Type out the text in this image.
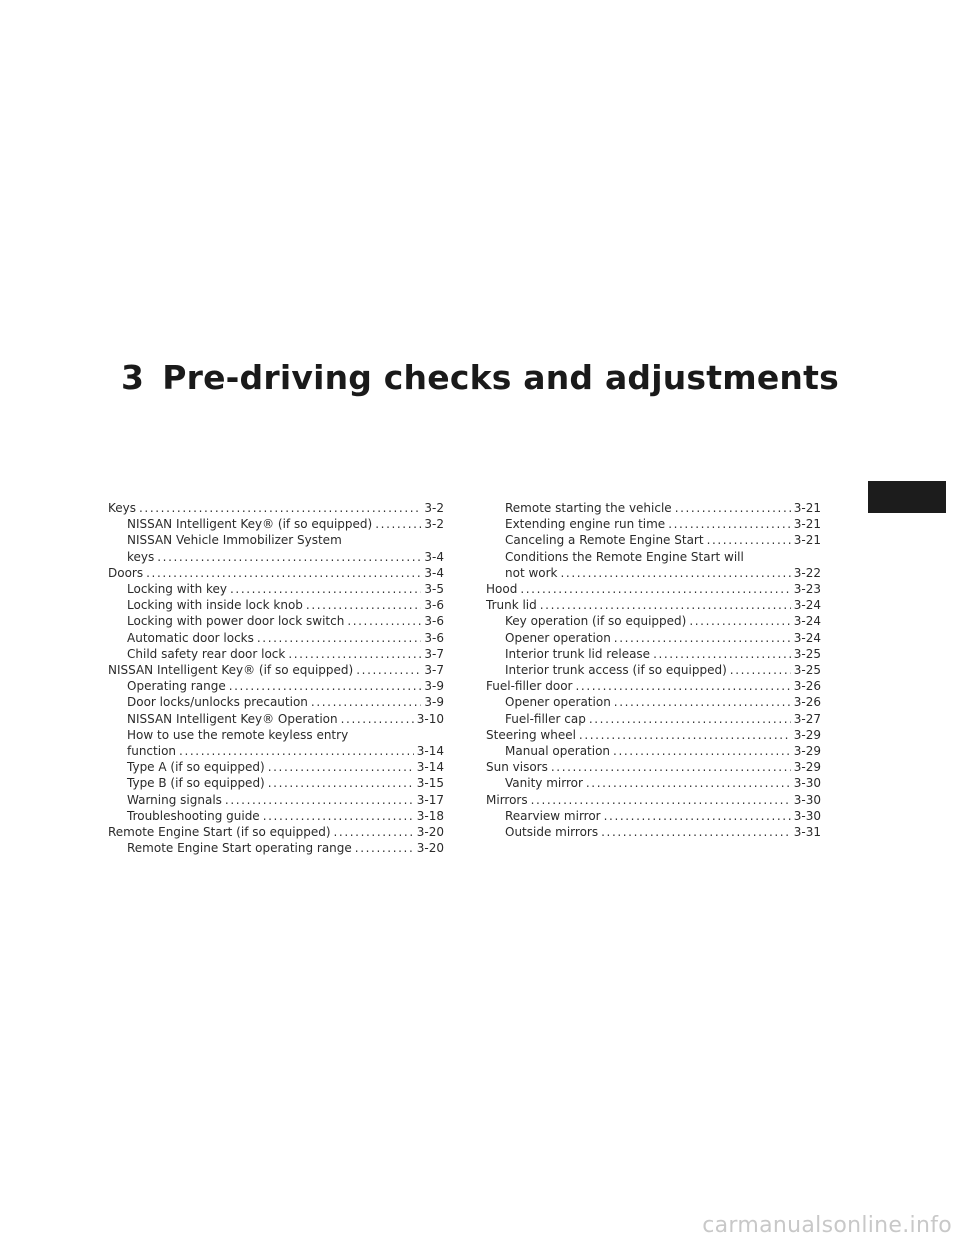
3 Pre-driving checks and adjustments
Keys .....	3-2
NISSAN Intelligent Key® (if so equipped) .....	3-2
NISSAN Vehicle Immobilizer System
keys .....	3-4
Doors .....	3-4
Locking with key .....	3-5
Locking with inside lock knob .....	3-6
Locking with power door lock switch .....	3-6
Automatic door locks .....	3-6
Child safety rear door lock .....	3-7
NISSAN Intelligent Key® (if so equipped) .....	3-7
Operating range .....	3-9
Door locks/unlocks precaution .....	3-9
NISSAN Intelligent Key® Operation .....	3-10
How to use the remote keyless entry
function .....	3-14
Type A (if so equipped) .....	3-14
Type B (if so equipped) .....	3-15
Warning signals .....	3-17
Troubleshooting guide .....	3-18
Remote Engine Start (if so equipped) .....	3-20
Remote Engine Start operating range .....	3-20
Remote starting the vehicle .....	3-21
Extending engine run time .....	3-21
Canceling a Remote Engine Start .....	3-21
Conditions the Remote Engine Start will
not work .....	3-22
Hood .....	3-23
Trunk lid .....	3-24
Key operation (if so equipped) .....	3-24
Opener operation .....	3-24
Interior trunk lid release .....	3-25
Interior trunk access (if so equipped) .....	3-25
Fuel-filler door .....	3-26
Opener operation .....	3-26
Fuel-filler cap .....	3-27
Steering wheel .....	3-29
Manual operation .....	3-29
Sun visors .....	3-29
Vanity mirror .....	3-30
Mirrors .....	3-30
Rearview mirror .....	3-30
Outside mirrors .....	3-31
carmanualsonline.info
